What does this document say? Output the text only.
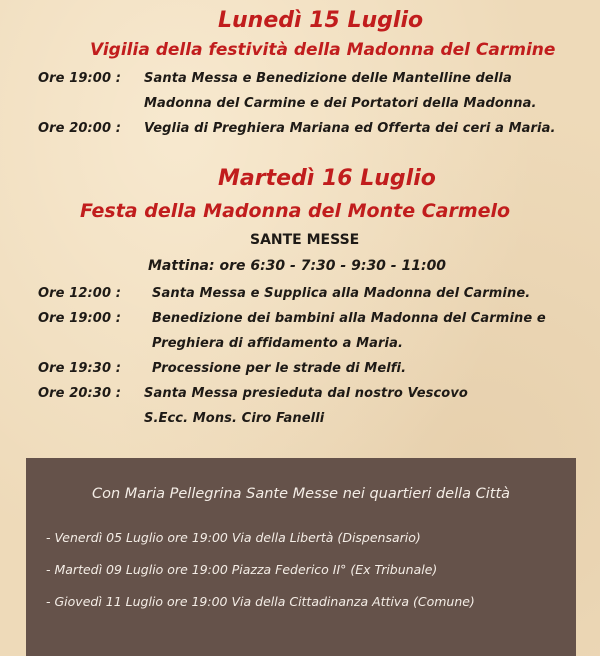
Lunedì 15 Luglio
Vigilia della festività della Madonna del Carmine
Ore 19:00 : Santa Messa e Benedizione delle Mantelline della
Madonna del Carmine e dei Portatori della Madonna.
Ore 20:00 : Veglia di Preghiera Mariana ed Offerta dei ceri a Maria.
Martedì 16 Luglio
Festa della Madonna del Monte Carmelo
SANTE MESSE
Mattina: ore 6:30 - 7:30 - 9:30 - 11:00
Ore 12:00 : Santa Messa e Supplica alla Madonna del Carmine.
Ore 19:00 : Benedizione dei bambini alla Madonna del Carmine e
Preghiera di affidamento a Maria.
Ore 19:30 : Processione per le strade di Melfi.
Ore 20:30 : Santa Messa presieduta dal nostro Vescovo
S.Ecc. Mons. Ciro Fanelli
Con Maria Pellegrina Sante Messe nei quartieri della Città
- Venerdì 05 Luglio ore 19:00 Via della Libertà (Dispensario)
- Martedì 09 Luglio ore 19:00 Piazza Federico II° (Ex Tribunale)
- Giovedì 11 Luglio ore 19:00 Via della Cittadinanza Attiva (Comune)
